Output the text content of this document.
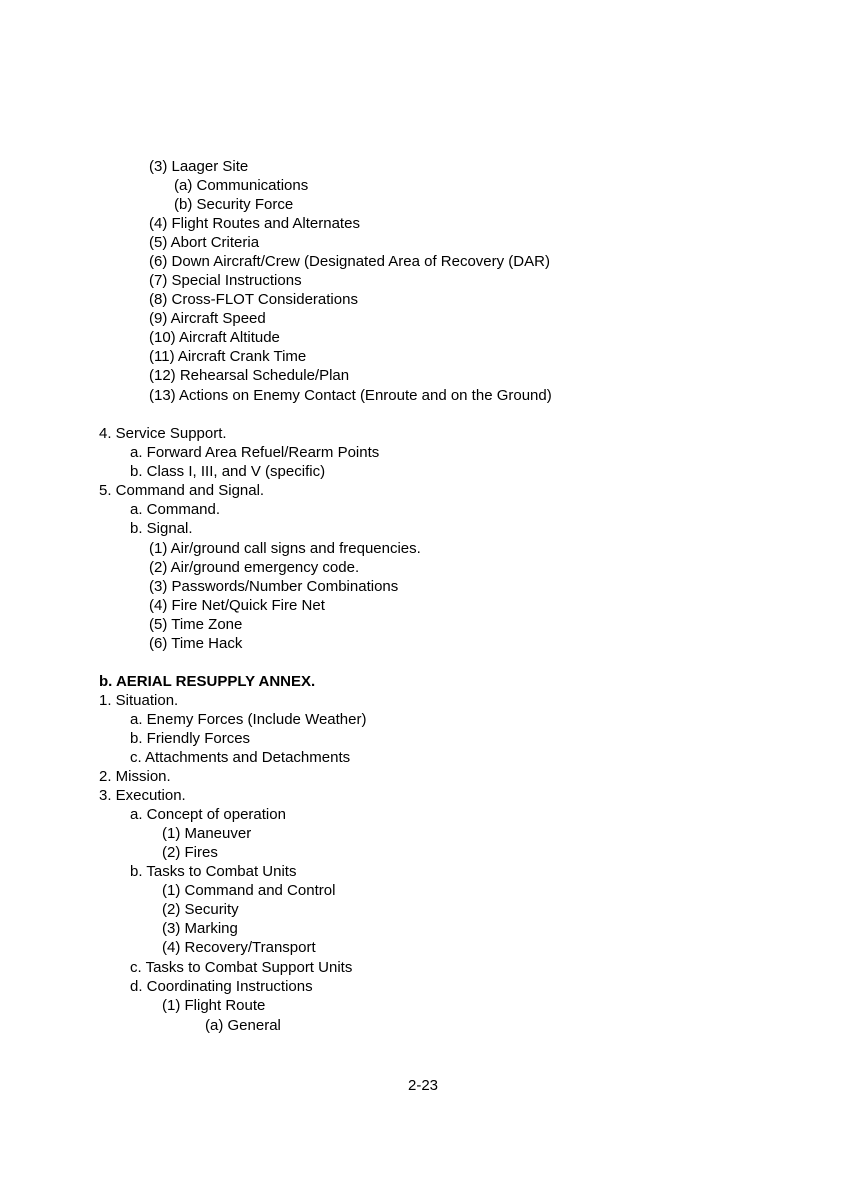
(3) Laager Site
(a) Communications
(b) Security Force
(4) Flight Routes and Alternates
(5) Abort Criteria
(6) Down Aircraft/Crew (Designated Area of Recovery (DAR)
(7) Special Instructions
(8) Cross-FLOT Considerations
(9) Aircraft Speed
(10) Aircraft Altitude
(11) Aircraft Crank Time
(12) Rehearsal Schedule/Plan
(13) Actions on Enemy Contact (Enroute and on the Ground)
4. Service Support.
a. Forward Area Refuel/Rearm Points
b. Class I, III, and V (specific)
5. Command and Signal.
a. Command.
b. Signal.
(1) Air/ground call signs and frequencies.
(2) Air/ground emergency code.
(3) Passwords/Number Combinations
(4) Fire Net/Quick Fire Net
(5) Time Zone
(6) Time Hack
b. AERIAL RESUPPLY ANNEX.
1. Situation.
a. Enemy Forces (Include Weather)
b. Friendly Forces
c. Attachments and Detachments
2. Mission.
3. Execution.
a. Concept of operation
(1) Maneuver
(2) Fires
b. Tasks to Combat Units
(1) Command and Control
(2) Security
(3) Marking
(4) Recovery/Transport
c. Tasks to Combat Support Units
d. Coordinating Instructions
(1) Flight Route
(a) General
2-23
